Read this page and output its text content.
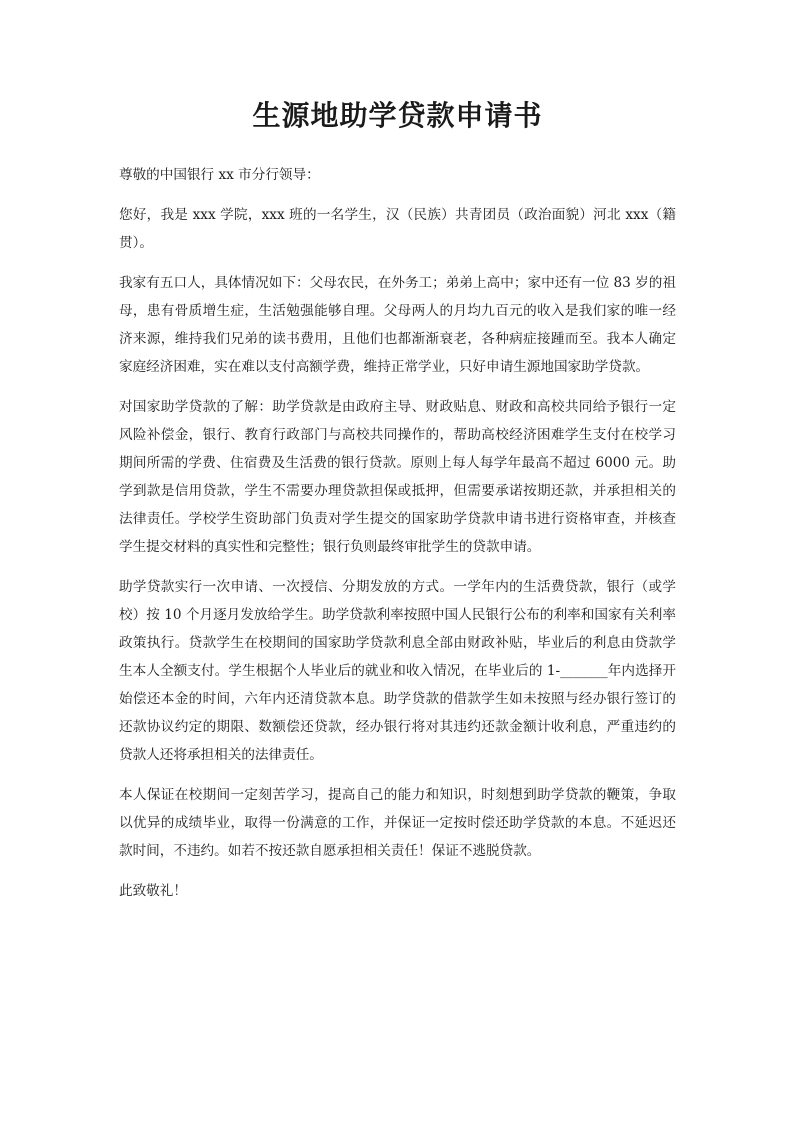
生源地助学贷款申请书

尊敬的中国银行 xx 市分行领导：

您好，我是 xxx 学院，xxx 班的一名学生，汉（民族）共青团员（政治面貌）河北 xxx（籍贯）。

我家有五口人，具体情况如下：父母农民，在外务工；弟弟上高中；家中还有一位 83 岁的祖母，患有骨质增生症，生活勉强能够自理。父母两人的月均九百元的收入是我们家的唯一经济来源，维持我们兄弟的读书费用，且他们也都渐渐衰老，各种病症接踵而至。我本人确定家庭经济困难，实在难以支付高额学费，维持正常学业，只好申请生源地国家助学贷款。

对国家助学贷款的了解：助学贷款是由政府主导、财政贴息、财政和高校共同给予银行一定风险补偿金，银行、教育行政部门与高校共同操作的，帮助高校经济困难学生支付在校学习期间所需的学费、住宿费及生活费的银行贷款。原则上每人每学年最高不超过 6000 元。助学到款是信用贷款，学生不需要办理贷款担保或抵押，但需要承诺按期还款，并承担相关的法律责任。学校学生资助部门负责对学生提交的国家助学贷款申请书进行资格审查，并核查学生提交材料的真实性和完整性；银行负则最终审批学生的贷款申请。

助学贷款实行一次申请、一次授信、分期发放的方式。一学年内的生活费贷款，银行（或学校）按 10 个月逐月发放给学生。助学贷款利率按照中国人民银行公布的利率和国家有关利率政策执行。贷款学生在校期间的国家助学贷款利息全部由财政补贴，毕业后的利息由贷款学生本人全额支付。学生根据个人毕业后的就业和收入情况，在毕业后的 1-_______年内选择开始偿还本金的时间，六年内还清贷款本息。助学贷款的借款学生如未按照与经办银行签订的还款协议约定的期限、数额偿还贷款，经办银行将对其违约还款金额计收利息，严重违约的贷款人还将承担相关的法律责任。

本人保证在校期间一定刻苦学习，提高自己的能力和知识，时刻想到助学贷款的鞭策，争取以优异的成绩毕业，取得一份满意的工作，并保证一定按时偿还助学贷款的本息。不延迟还款时间，不违约。如若不按还款自愿承担相关责任！保证不逃脱贷款。

此致敬礼！
